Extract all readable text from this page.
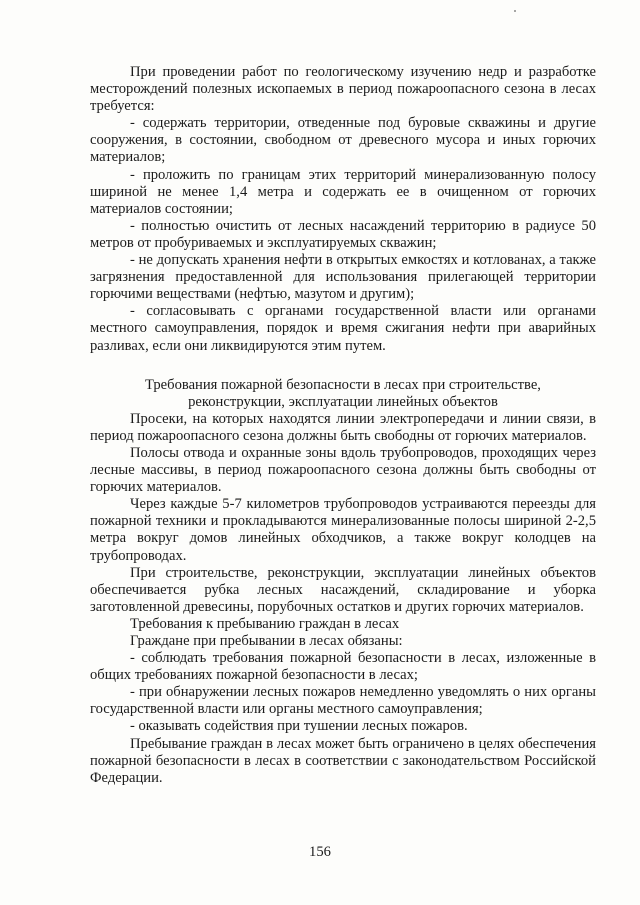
При проведении работ по геологическому изучению недр и разработке месторождений полезных ископаемых в период пожароопасного сезона в лесах требуется:

- содержать территории, отведенные под буровые скважины и другие сооружения, в состоянии, свободном от древесного мусора и иных горючих материалов;

- проложить по границам этих территорий минерализованную полосу шириной не менее 1,4 метра и содержать ее в очищенном от горючих материалов состоянии;

- полностью очистить от лесных насаждений территорию в радиусе 50 метров от пробуриваемых и эксплуатируемых скважин;

- не допускать хранения нефти в открытых емкостях и котлованах, а также загрязнения предоставленной для использования прилегающей территории горючими веществами (нефтью, мазутом и другим);

- согласовывать с органами государственной власти или органами местного самоуправления, порядок и время сжигания нефти при аварийных разливах, если они ликвидируются этим путем.

Требования пожарной безопасности в лесах при строительстве, реконструкции, эксплуатации линейных объектов

Просеки, на которых находятся линии электропередачи и линии связи, в период пожароопасного сезона должны быть свободны от горючих материалов.

Полосы отвода и охранные зоны вдоль трубопроводов, проходящих через лесные массивы, в период пожароопасного сезона должны быть свободны от горючих материалов.

Через каждые 5-7 километров трубопроводов устраиваются переезды для пожарной техники и прокладываются минерализованные полосы шириной 2-2,5 метра вокруг домов линейных обходчиков, а также вокруг колодцев на трубопроводах.

При строительстве, реконструкции, эксплуатации линейных объектов обеспечивается рубка лесных насаждений, складирование и уборка заготовленной древесины, порубочных остатков и других горючих материалов.

Требования к пребыванию граждан в лесах

Граждане при пребывании в лесах обязаны:

- соблюдать требования пожарной безопасности в лесах, изложенные в общих требованиях пожарной безопасности в лесах;

- при обнаружении лесных пожаров немедленно уведомлять о них органы государственной власти или органы местного самоуправления;

- оказывать содействия при тушении лесных пожаров.

Пребывание граждан в лесах может быть ограничено в целях обеспечения пожарной безопасности в лесах в соответствии с законодательством Российской Федерации.

156
